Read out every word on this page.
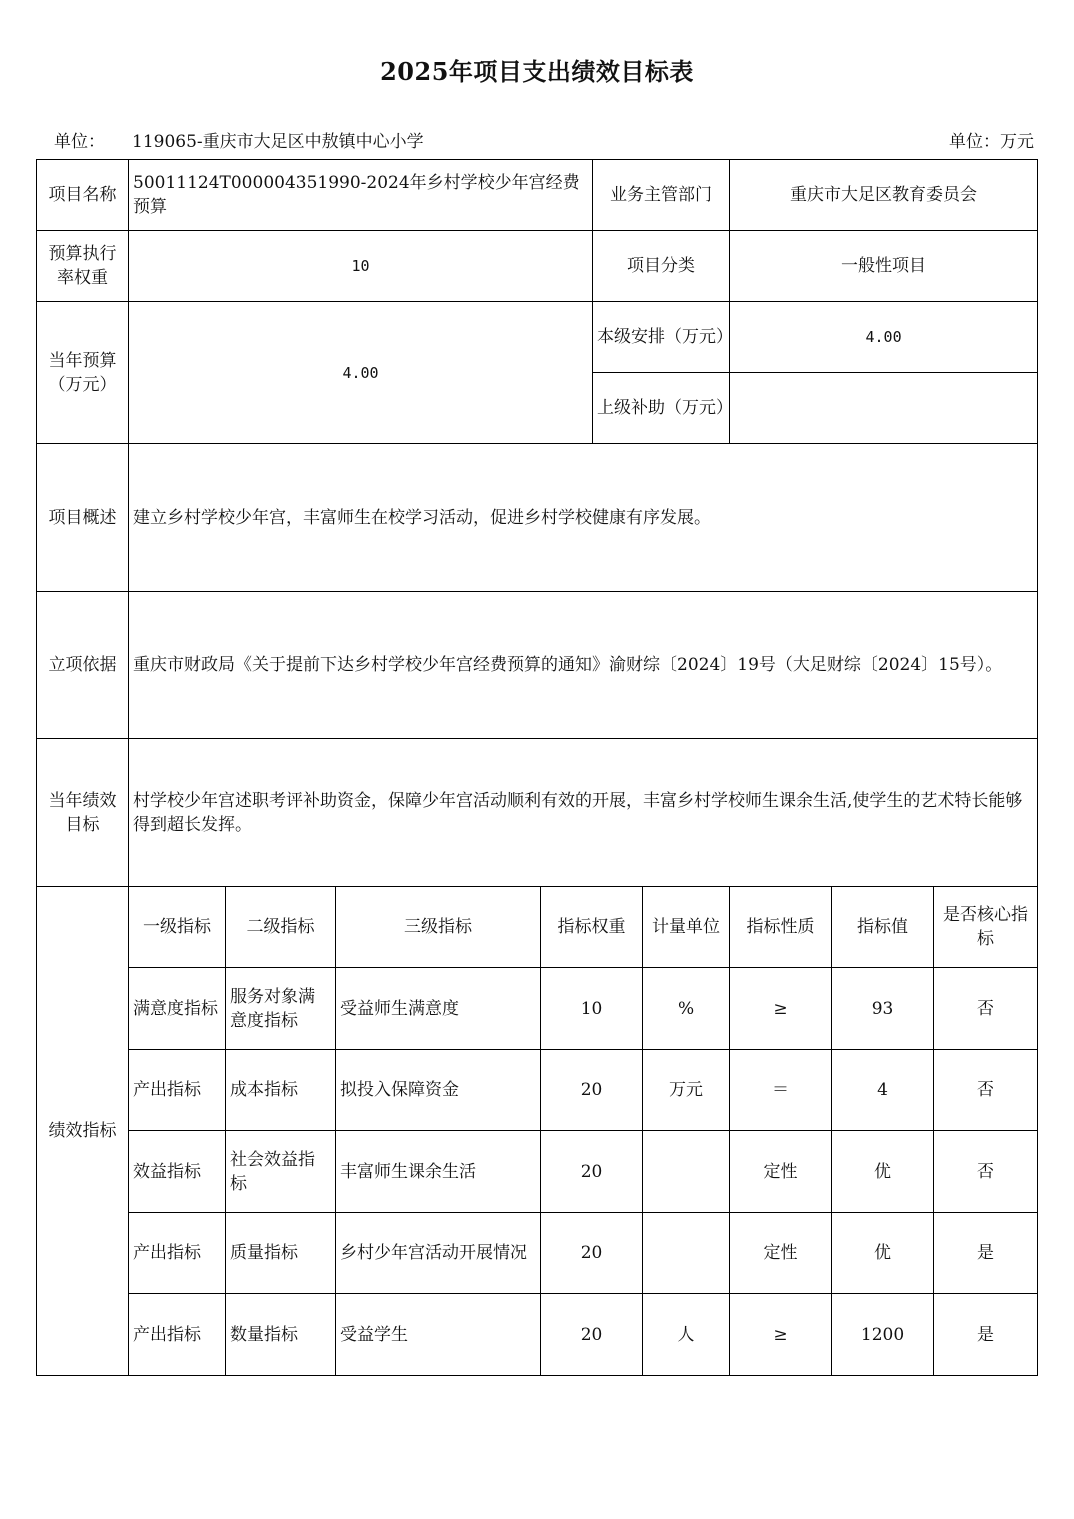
2025年项目支出绩效目标表
单位： 119065-重庆市大足区中敖镇中心小学	单位：万元
项目名称	50011124T000004351990-2024年乡村学校少年宫经费预算				业务主管部门		重庆市大足区教育委员会		
预算执行率权重	10				项目分类		一般性项目		
当年预算（万元）	4.00				本级安排（万元）		4.00		
					上级补助（万元）				
项目概述	建立乡村学校少年宫，丰富师生在校学习活动，促进乡村学校健康有序发展。								
立项依据	重庆市财政局《关于提前下达乡村学校少年宫经费预算的通知》渝财综〔2024〕19号（大足财综〔2024〕15号）。								
当年绩效目标	村学校少年宫述职考评补助资金，保障少年宫活动顺利有效的开展，丰富乡村学校师生课余生活,使学生的艺术特长能够得到超长发挥。								
绩效指标	一级指标	二级指标	三级指标	指标权重		计量单位	指标性质	指标值	是否核心指标
	满意度指标	服务对象满意度指标	受益师生满意度	10		%	≥	93	否
	产出指标	成本指标	拟投入保障资金	20		万元	＝	4	否
	效益指标	社会效益指标	丰富师生课余生活	20			定性	优	否
	产出指标	质量指标	乡村少年宫活动开展情况	20			定性	优	是
	产出指标	数量指标	受益学生	20		人	≥	1200	是
